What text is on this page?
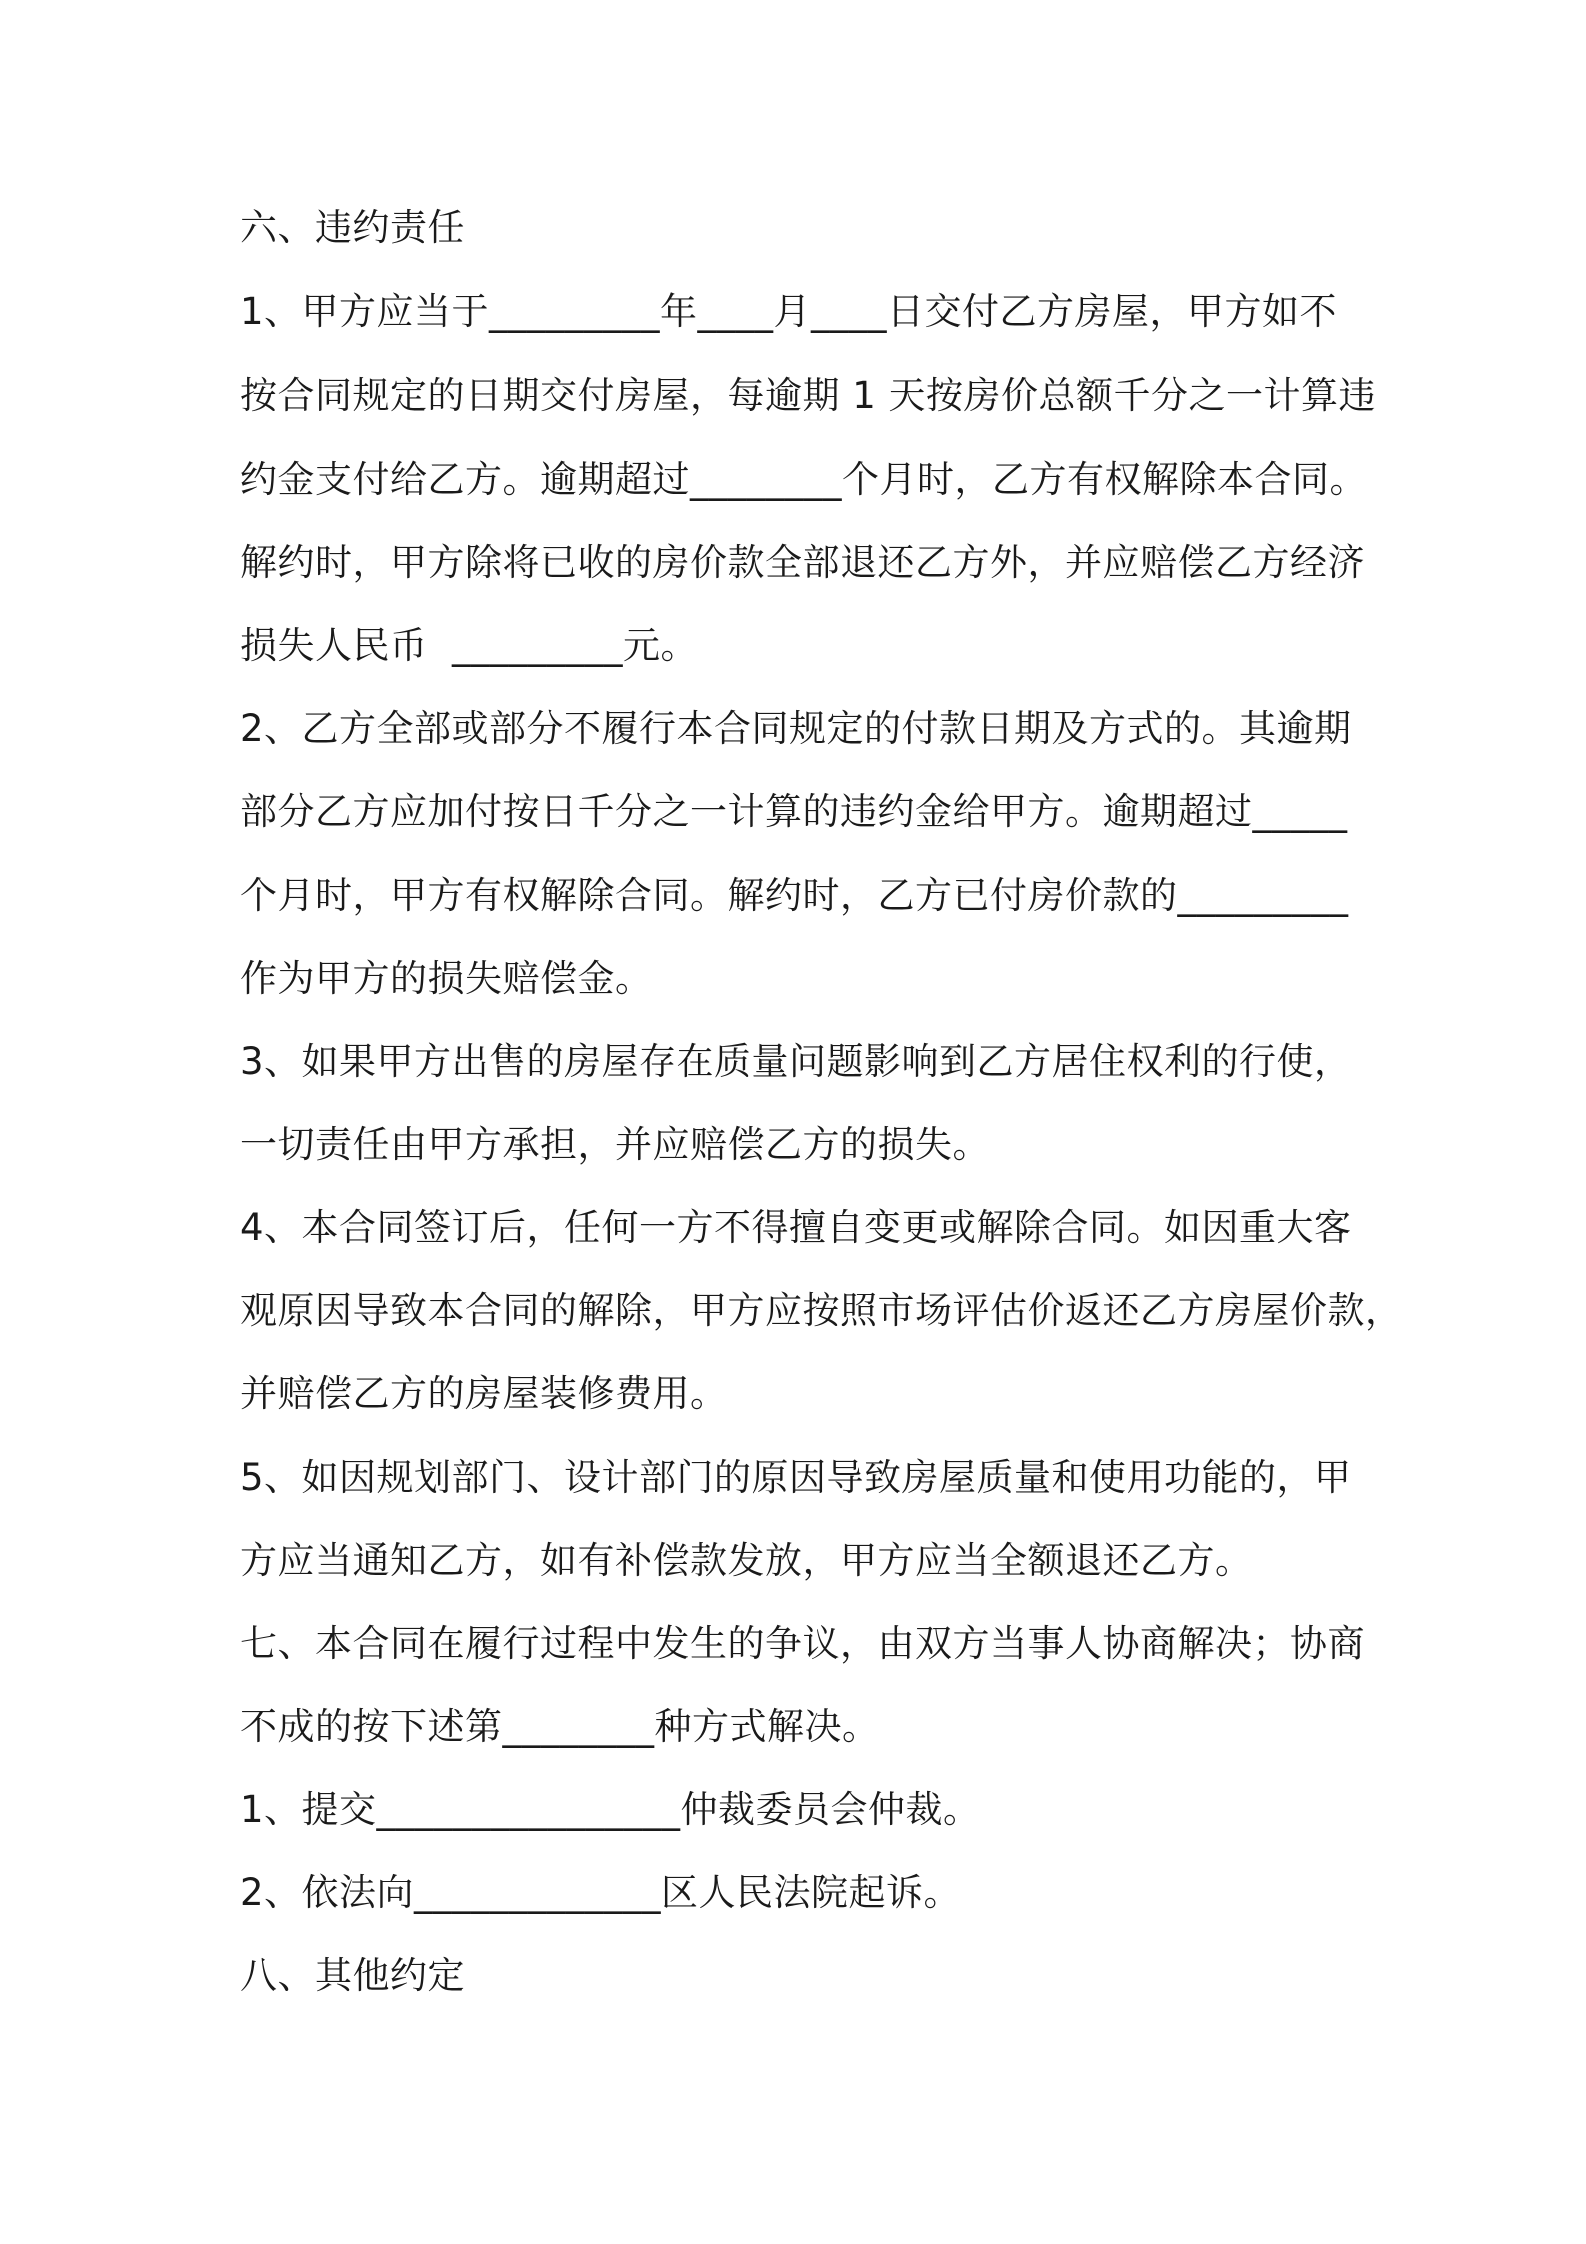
六、违约责任
1、甲方应当于_________年____月____日交付乙方房屋，甲方如不
按合同规定的日期交付房屋，每逾期 1 天按房价总额千分之一计算违
约金支付给乙方。逾期超过________个月时，乙方有权解除本合同。
解约时，甲方除将已收的房价款全部退还乙方外，并应赔偿乙方经济
损失人民币  _________元。
2、乙方全部或部分不履行本合同规定的付款日期及方式的。其逾期
部分乙方应加付按日千分之一计算的违约金给甲方。逾期超过_____
个月时，甲方有权解除合同。解约时，乙方已付房价款的_________
作为甲方的损失赔偿金。
3、如果甲方出售的房屋存在质量问题影响到乙方居住权利的行使，
一切责任由甲方承担，并应赔偿乙方的损失。
4、本合同签订后，任何一方不得擅自变更或解除合同。如因重大客
观原因导致本合同的解除，甲方应按照市场评估价返还乙方房屋价款，
并赔偿乙方的房屋装修费用。
5、如因规划部门、设计部门的原因导致房屋质量和使用功能的，甲
方应当通知乙方，如有补偿款发放，甲方应当全额退还乙方。
七、本合同在履行过程中发生的争议，由双方当事人协商解决；协商
不成的按下述第________种方式解决。
1、提交________________仲裁委员会仲裁。
2、依法向_____________区人民法院起诉。
八、其他约定
